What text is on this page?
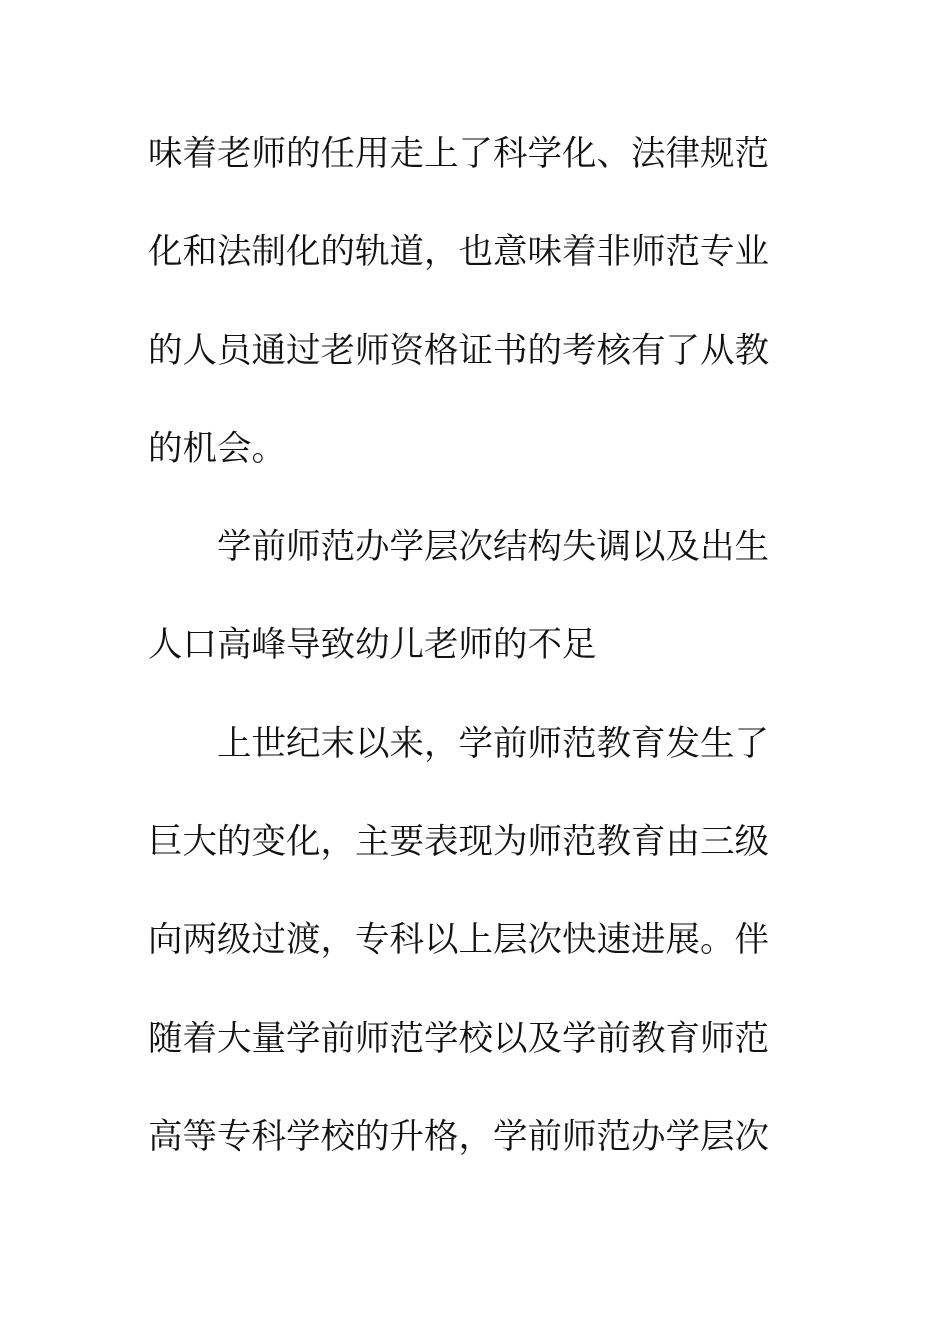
味着老师的任用走上了科学化、法律规范
化和法制化的轨道，也意味着非师范专业
的人员通过老师资格证书的考核有了从教
的机会。
学前师范办学层次结构失调以及出生
人口高峰导致幼儿老师的不足
上世纪末以来，学前师范教育发生了
巨大的变化，主要表现为师范教育由三级
向两级过渡，专科以上层次快速进展。伴
随着大量学前师范学校以及学前教育师范
高等专科学校的升格，学前师范办学层次
